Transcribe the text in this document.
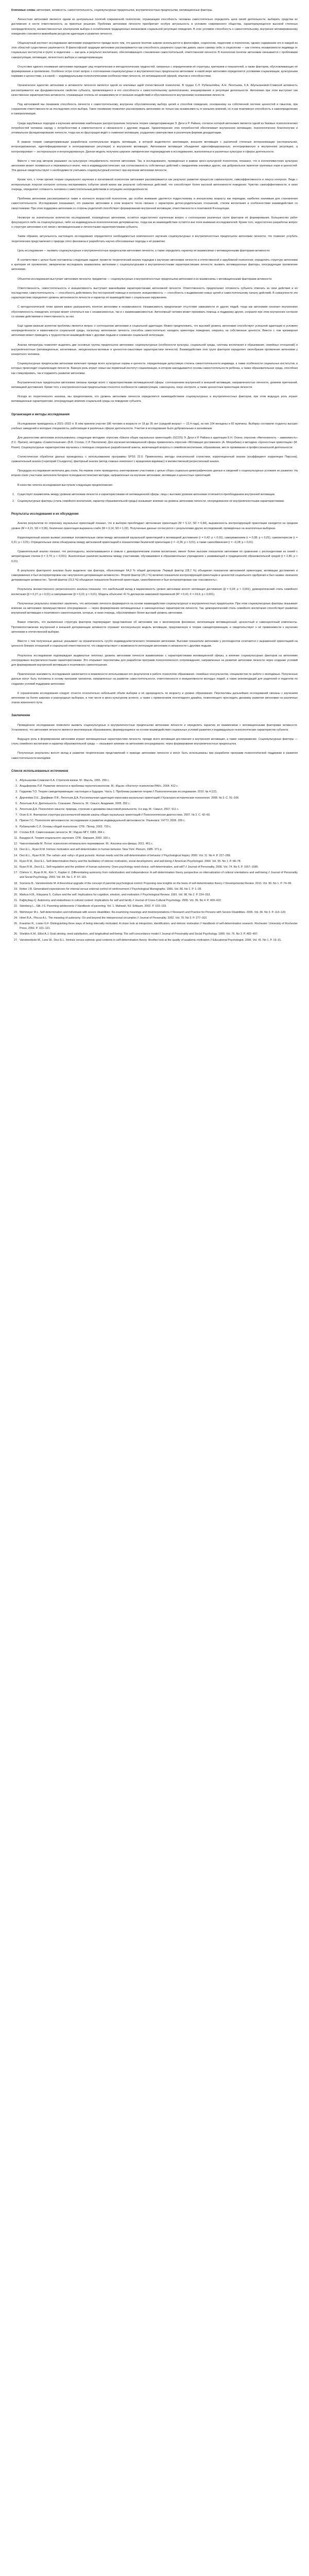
Ключевые слова: автономия, активность, самостоятельность, социокультурные предпосылки, внутриличностные предпосылки, мотивационные факторы.

Личностная автономия является одним из центральных понятий современной психологии, отражающим способность человека самостоятельно определять цели своей деятельности, выбирать средства их достижения и нести ответственность за принятые решения. Проблема автономии личности приобретает особую актуальность в условиях современного общества, характеризующегося высокой степенью неопределённости, множественностью альтернатив выбора и ослаблением традиционных механизмов социальной регуляции поведения. В этих условиях способность к самостоятельному, внутренне мотивированному поведению становится важнейшим ресурсом адаптации и развития личности.

Общенаучный контекст исследования автономии определяется прежде всего тем, что данное понятие широко используется в философии, социологии, педагогике и психологии, однако содержание его в каждой из этих областей существенно различается. В философской традиции автономия рассматривается как способность разумного существа давать закон самому себе; в социологии — как степень независимости индивида от социальных институтов и групп; в педагогике — как цель и результат воспитания, обеспечивающего становление самостоятельной, ответственной личности. В психологии понятие автономии связывается с проблемами саморегуляции, мотивации, личностного выбора и самодетерминации.

Отсутствие единого понимания автономии порождает ряд теоретических и методологических трудностей, связанных с определением её структуры, критериев и показателей, а также факторов, обусловливающих её формирование и проявление. Особенно остро стоит вопрос о соотношении социокультурных и внутриличностных предпосылок автономии: в какой мере автономия определяется условиями социализации, культурными нормами и ценностями, а в какой — индивидуальными психологическими особенностями личности, её мотивационной сферой, опытом и способностями.

Органическое единство автономии и активности личности является одной из ключевых идей отечественной психологии. В трудах С.Л. Рубинштейна, А.Н. Леонтьева, К.А. Абульхановой-Славской активность рассматривается как фундаментальное свойство субъекта, проявляющееся в его способности к самостоятельному целеполаганию, инициированию и регуляции деятельности. Автономия при этом выступает как качественная характеристика активности, отражающая степень её независимости от внешних воздействий и обусловленности внутренними основаниями личности.

Под автономией мы понимаем способность личности к самостоятельному, внутренне обусловленному выбору целей и способов поведения, основанному на собственной системе ценностей и смыслов, при сохранении ответственности за последствия этого выбора. Такое понимание позволяет рассматривать автономию не только как независимость от внешних влияний, но и как позитивную способность к самоопределению и самореализации.

Среди зарубежных подходов к изучению автономии наибольшее распространение получила теория самодетерминации Э. Деси и Р. Райана, согласно которой автономия является одной из базовых психологических потребностей человека наряду с потребностями в компетентности и связанности с другими людьми. Удовлетворение этих потребностей обеспечивает внутреннюю мотивацию, психологическое благополучие и оптимальное функционирование личности, тогда как их фрустрация ведёт к снижению мотивации, ухудшению самочувствия и различным формам дезадаптации.

В рамках теории самодетерминации разработана континуальная модель мотивации, в которой выделяются амотивация, внешняя мотивация с различной степенью интернализации (экстернальная, интроецированная, идентифицированная и интегрированная регуляция) и внутренняя мотивация. Автономная мотивация объединяет идентифицированную, интегрированную и внутреннюю регуляцию, а контролируемая — экстернальную и интроецированную. Данная модель получила широкое эмпирическое подтверждение в исследованиях, выполненных в различных культурах и сферах деятельности.

Вместе с тем ряд авторов указывает на культурную специфичность понятия автономии. Так, в исследованиях, проведённых в рамках кросс-культурной психологии, показано, что в коллективистских культурах автономия может пониматься и переживаться иначе, чем в индивидуалистических: как согласованность собственных действий с ожиданиями значимых других, как добровольное принятие групповых норм и ценностей. Эти данные свидетельствуют о необходимости учитывать социокультурный контекст при изучении автономии личности.

Кроме того, с точки зрения теории социального научения и когнитивной психологии автономия рассматривается как результат развития процессов самоконтроля, самоэффективности и локуса контроля. Люди с интернальным локусом контроля склонны воспринимать события своей жизни как результат собственных действий, что способствует более высокой автономности поведения. Чувство самоэффективности, в свою очередь, определяет готовность человека к самостоятельным действиям в ситуациях неопределённости.

Проблема автономии рассматривается также в контексте возрастной психологии, где особое внимание уделяется подростковому и юношескому возрасту как периодам, наиболее значимым для становления самостоятельности. Исследования показывают, что развитие автономии в этом возрасте тесно связано с характером детско-родительских отношений, стилем воспитания и особенностями взаимодействия со сверстниками. При этом поддержка автономии со стороны родителей способствует формированию внутренней мотивации, ответственности и позитивной Я-концепции.

Несмотря на значительное количество исследований, посвящённых автономии, остаётся недостаточно изученным вопрос о соотношении различных групп факторов её формирования. Большинство работ фокусируется либо на социокультурных, либо на индивидуально-психологических детерминантах, тогда как их взаимодействие остаётся вне поля внимания исследователей. Кроме того, недостаточно разработан вопрос о структуре автономии и её связи с мотивационными и личностными характеристиками субъекта.

Таким образом, актуальность настоящего исследования определяется необходимостью комплексного изучения социокультурных и внутриличностных предпосылок автономии личности, что позволит углубить теоретические представления о природе этого феномена и разработать научно обоснованные подходы к её развитию.

Цель исследования — выявить социокультурные и внутриличностные предпосылки автономии личности, а также определить характер их взаимосвязи с мотивационными факторами активности.

В соответствии с целью были поставлены следующие задачи: провести теоретический анализ подходов к изучению автономии личности в отечественной и зарубежной психологии; определить структуру автономии и критерии её проявления; эмпирически исследовать взаимосвязь автономии с социокультурными и внутриличностными характеристиками личности; выявить мотивационные факторы, опосредующие проявление автономии.

Объектом исследования выступает автономия личности; предметом — социокультурные и внутриличностные предпосылки автономии и их взаимосвязь с мотивационными факторами активности.

Ответственность, самостоятельность и инициативность выступают важнейшими характеристиками автономной личности. Ответственность предполагает готовность субъекта отвечать за свои действия и их последствия; самостоятельность — способность действовать без посторонней помощи и контроля; инициативность — способность к выдвижению новых целей и самостоятельному началу действий. В совокупности эти характеристики определяют уровень автономности личности и характер её взаимодействия с социальным окружением.

С методологической точки зрения важно разграничить понятия автономии и независимости. Независимость предполагает отсутствие зависимости от других людей, тогда как автономия означает внутреннюю обусловленность поведения, которая может сочетаться как с независимостью, так и с взаимозависимостью. Автономный человек может принимать помощь и поддержку других, сохраняя при этом внутреннее согласие со своими действиями и ответственность за них.

Ещё одним важным аспектом проблемы является вопрос о соотношении автономии и социальной адаптации. Можно предположить, что высокий уровень автономии способствует успешной адаптации в условиях неопределённости и изменчивости социальной среды, поскольку автономная личность способна самостоятельно находить ориентиры поведения, опираясь на собственные ценности. Вместе с тем чрезмерная автономия может приводить к трудностям во взаимодействии с другими людьми и снижению социальной интеграции.

Анализ литературы позволяет выделить две основные группы предпосылок автономии: социокультурные (особенности культуры, социальной среды, системы воспитания и образования, семейных отношений) и внутриличностные (мотивационные, когнитивные, эмоционально-волевые и ценностно-смысловые характеристики личности). Взаимодействие этих групп факторов определяет своеобразие проявления автономии у конкретного человека.

Социокультурные предпосылки автономии включают прежде всего культурные нормы и ценности, определяющие допустимую степень самостоятельности индивида, а также особенности социальных институтов, в которых происходит социализация личности. Важную роль играет семья как первичный институт социализации, в котором закладываются основы самостоятельности ребёнка, а также образовательная среда, способная как стимулировать, так и подавлять развитие автономии.

Внутриличностные предпосылки автономии связаны прежде всего с характеристиками мотивационной сферы: соотношением внутренней и внешней мотивации, направленностью личности, уровнем притязаний, мотивацией достижения. Кроме того, к внутриличностным предпосылкам относятся особенности саморегуляции, самооценка, локус контроля, а также ценностные ориентации личности.

Исходя из теоретического анализа, мы предположили, что уровень автономии личности определяется взаимодействием социокультурных и внутриличностных факторов, при этом ведущую роль играют мотивационные характеристики, опосредующие влияние социальной среды на поведение субъекта.

Организация и методы исследования

Исследование проводилось в 2021–2022 гг. В нём приняли участие 186 человек в возрасте от 18 до 35 лет (средний возраст — 22,4 года), из них 104 женщины и 82 мужчины. Выборку составили студенты высших учебных заведений и молодые специалисты, работающие в различных сферах деятельности. Участие в исследовании было добровольным и анонимным.

Для диагностики автономии использовались следующие методики: опросник «Шкала общих каузальных ориентаций» (GCOS) Э. Деси и Р. Райана в адаптации Е.Н. Осина; опросник «Автономность – зависимость» (Г.С. Пригин); методика «Самоотношение» (В.В. Столин, С.Р. Пантилеев). Для изучения мотивационной сферы применялись опросник «Мотивация достижения» (А. Мехрабиан) и методика «Ценностные ориентации» (М. Рокич). Социокультурные характеристики изучались с помощью специально разработанной анкеты, включающей вопросы о семейном воспитании, образовании, месте проживания и профессиональной деятельности.

Статистическая обработка данных проводилась с использованием программы SPSS 22.0. Применялись методы описательной статистики, корреляционный анализ (коэффициент корреляции Пирсона), сравнительный анализ (t-критерий Стьюдента), факторный анализ (метод главных компонент с вращением варимакс) и множественный регрессионный анализ.

Процедура исследования включала два этапа. На первом этапе проводилось анкетирование участников с целью сбора социально-демографических данных и сведений о социокультурных условиях их развития. На втором этапе участники заполняли батарею психодиагностических методик, направленных на изучение автономии, мотивации и ценностных ориентаций.

В качестве гипотез исследования выступили следующие предположения:

1. Существует взаимосвязь между уровнем автономии личности и характеристиками её мотивационной сферы: лица с высоким уровнем автономии отличаются преобладанием внутренней мотивации.
2. Социокультурные факторы (стиль семейного воспитания, характер образовательной среды) оказывают влияние на уровень автономии личности, опосредованное её внутриличностными характеристиками.
Результаты исследования и их обсуждение

Анализ результатов по опроснику каузальных ориентаций показал, что в выборке преобладает автономная ориентация (M = 5,12; SD = 0,84), выраженность контролирующей ориентации находится на среднем уровне (M = 4,21; SD = 0,96), безличная ориентация выражена слабо (M = 3,14; SD = 1,02). Полученные данные согласуются с результатами других исследований, проведённых на аналогичных выборках.

Корреляционный анализ выявил значимые положительные связи между автономной каузальной ориентацией и мотивацией достижения (r = 0,42; p < 0,01), самоуважением (r = 0,38; p < 0,01), самоинтересом (r = 0,31; p < 0,01). Отрицательные связи обнаружены между автономной ориентацией и показателями безличной ориентации (r = –0,36; p < 0,01), а также самообвинения (r = –0,28; p < 0,01).

Сравнительный анализ показал, что респонденты, воспитывавшиеся в семьях с демократическим стилем воспитания, имеют более высокие показатели автономии по сравнению с респондентами из семей с авторитарным стилем (t = 3,74; p < 0,001). Аналогичные различия выявлены между участниками, обучавшимися в образовательных учреждениях с развивающей и традиционной образовательной средой (t = 2,86; p < 0,01).

В результате факторного анализа было выделено три фактора, объясняющих 64,3 % общей дисперсии. Первый фактор (28,7 %) объединил показатели автономной ориентации, мотивации достижения и самоуважения и был интерпретирован как «внутренняя детерминация активности». Второй фактор (20,1 %) включил показатели контролирующей ориентации и ценностей социального одобрения и был назван «внешняя детерминация активности». Третий фактор (15,5 %) объединил показатели безличной ориентации, самообвинения и был интерпретирован как «пассивность».

Результаты множественного регрессионного анализа показали, что наибольший вклад в вариативность уровня автономии вносят мотивация достижения (β = 0,34; p < 0,001), демократический стиль семейного воспитания (β = 0,27; p < 0,01) и самоуважение (β = 0,22; p < 0,01). Модель объясняет 41 % дисперсии зависимой переменной (R² = 0,41; F = 24,6; p < 0,001).

Полученные результаты позволяют заключить, что автономия личности формируется на основе взаимодействия социокультурных и внутриличностных предпосылок. При этом социокультурные факторы оказывают влияние на автономию преимущественно опосредованно — через формирование мотивационных и самооценочных характеристик личности. Так, демократический стиль семейного воспитания способствует развитию внутренней мотивации и позитивного самоотношения, которые, в свою очередь, обусловливают более высокий уровень автономии.

Важно отметить, что выявленная структура факторов подтверждает представление об автономии как о многомерном феномене, включающем мотивационный, ценностный и самооценочный компоненты. Противопоставление внутренней и внешней детерминации активности отражает континуальную модель мотивации, предложенную в теории самодетерминации, и свидетельствует о её применимости к изучению автономии в отечественной выборке.

Вместе с тем полученные данные указывают на ограниченность сугубо индивидуалистического понимания автономии. Высокие показатели автономии у респондентов сочетаются с выраженной ориентацией на ценности близких отношений и социальной ответственности, что свидетельствует о возможности интеграции автономии и связанности с другими людьми.

Результаты исследования подтверждают выдвинутые гипотезы: уровень автономии личности взаимосвязан с характеристиками мотивационной сферы, а влияние социокультурных факторов на автономию опосредовано внутриличностными характеристиками. Это открывает перспективы для разработки программ психологического сопровождения, направленных на развитие автономии личности через создание условий для формирования внутренней мотивации и позитивного самоотношения.

Практическая значимость исследования заключается в возможности использования его результатов в работе психологов образования, семейных консультантов, специалистов по работе с молодёжью. Полученные данные могут быть положены в основу программ тренингов, направленных на развитие самостоятельности, ответственности и инициативности молодых людей, а также рекомендаций для родителей и педагогов по созданию условий поддержки автономии.

К ограничениям исследования следует отнести относительно небольшой объём выборки и её однородность по возрасту и уровню образования. Перспективы дальнейших исследований связаны с изучением автономии на более широких и разнородных выборках, в том числе в кросс-культурном аспекте, а также с применением лонгитюдного дизайна, позволяющего проследить динамику развития автономии на различных этапах жизненного пути.

Заключение

Проведённое исследование позволило выявить социокультурные и внутриличностные предпосылки автономии личности и определить характер их взаимосвязи с мотивационными факторами активности. Установлено, что автономия личности является многомерным образованием, формирующимся на основе взаимодействия социальных условий развития и индивидуально-психологических характеристик субъекта.

Ведущую роль в формировании автономии играют мотивационные характеристики личности, прежде всего мотивация достижения и внутренняя мотивация, а также самоуважение. Социокультурные факторы — стиль семейного воспитания и характер образовательной среды — оказывают влияние на автономию опосредованно, через формирование внутриличностных предпосылок.

Полученные результаты вносят вклад в развитие теоретических представлений о природе автономии личности и могут быть использованы при разработке программ психологической поддержки и развития самостоятельности молодёжи.

Список использованных источников
1. Абульханова-Славская К.А. Стратегия жизни. М.: Мысль, 1991. 299 с.
2. Анцыферова Л.И. Развитие личности и проблемы геронтопсихологии. М.: Изд-во «Институт психологии РАН», 2004. 412 с.
3. Гордеева Т.О. Теория самодетерминации: настоящее и будущее. Часть 1: Проблемы развития теории // Психологические исследования. 2010. № 4 (12).
4. Дергачёва О.Е., Дорфман Л.Я., Леонтьев Д.А. Русскоязычная адаптация опросника каузальных ориентаций // Культурно-историческая психология. 2008. № 3. С. 91–106.
5. Леонтьев А.Н. Деятельность. Сознание. Личность. М.: Смысл; Академия, 2005. 352 с.
6. Леонтьев Д.А. Психология смысла: природа, строение и динамика смысловой реальности. 3-е изд. М.: Смысл, 2007. 511 с.
7. Осин Е.Н. Факторная структура русскоязычной версии шкалы общих каузальных ориентаций // Психологическая диагностика. 2007. № 3. С. 42–60.
8. Пригин Г.С. Психология автономности: исследование и развитие индивидуальной автономности. Ульяновск: УлГТУ, 2006. 206 с.
9. Рубинштейн С.Л. Основы общей психологии. СПб.: Питер, 2002. 720 с.
10. Столин В.В. Самосознание личности. М.: Изд-во МГУ, 1983. 284 с.
11. Бандура А. Теория социального научения. СПб.: Евразия, 2000. 320 с.
12. Чиксентмихайи М. Поток: психология оптимального переживания. М.: Альпина нон-фикшн, 2011. 461 с.
13. Deci E.L., Ryan R.M. Intrinsic motivation and self-determination in human behavior. New York: Plenum, 1985. 371 p.
14. Deci E.L., Ryan R.M. The «what» and «why» of goal pursuits: Human needs and the self-determination of behavior // Psychological Inquiry. 2000. Vol. 11. No 4. P. 227–268.
15. Ryan R.M., Deci E.L. Self-determination theory and the facilitation of intrinsic motivation, social development, and well-being // American Psychologist. 2000. Vol. 55. No 1. P. 68–78.
16. Ryan R.M., Deci E.L. Self-regulation and the problem of human autonomy: Does psychology need choice, self-determination, and will? // Journal of Personality. 2006. Vol. 74. No 6. P. 1557–1585.
17. Chirkov V., Ryan R.M., Kim Y., Kaplan U. Differentiating autonomy from individualism and independence: A self-determination theory perspective on internalization of cultural orientations and well-being // Journal of Personality and Social Psychology. 2003. Vol. 84. No 1. P. 97–110.
18. Soenens B., Vansteenkiste M. A theoretical upgrade of the concept of parental psychological control: Proposing new insights on the basis of self-determination theory // Developmental Review. 2010. Vol. 30. No 1. P. 74–99.
19. Rotter J.B. Generalized expectancies for internal versus external control of reinforcement // Psychological Monographs. 1966. Vol. 80. No 1. P. 1–28.
20. Markus H.R., Kitayama S. Culture and the self: Implications for cognition, emotion, and motivation // Psychological Review. 1991. Vol. 98. No 2. P. 224–253.
21. Kağıtçıbaşı Ç. Autonomy and relatedness in cultural context: Implications for self and family // Journal of Cross-Cultural Psychology. 2005. Vol. 36. No 4. P. 403–422.
22. Steinberg L., Silk J.S. Parenting adolescents // Handbook of parenting. Vol. 1. Mahwah, NJ: Erlbaum, 2002. P. 103–133.
23. Wehmeyer M.L. Self-determination and individuals with severe disabilities: Re-examining meanings and misinterpretations // Research and Practice for Persons with Severe Disabilities. 2005. Vol. 30. No 3. P. 113–120.
24. Hmel B.A., Pincus A.L. The meaning of autonomy: On and beyond the interpersonal circumplex // Journal of Personality. 2002. Vol. 70. No 3. P. 277–310.
25. Koestner R., Losier G.F. Distinguishing three ways of being internally motivated: A closer look at introjection, identification, and intrinsic motivation // Handbook of self-determination research. Rochester: University of Rochester Press, 2002. P. 101–121.
26. Sheldon K.M., Elliot A.J. Goal striving, need satisfaction, and longitudinal well-being: The self-concordance model // Journal of Personality and Social Psychology. 1999. Vol. 76. No 3. P. 482–497.
27. Vansteenkiste M., Lens W., Deci E.L. Intrinsic versus extrinsic goal contents in self-determination theory: Another look at the quality of academic motivation // Educational Psychologist. 2006. Vol. 41. No 1. P. 19–31.
